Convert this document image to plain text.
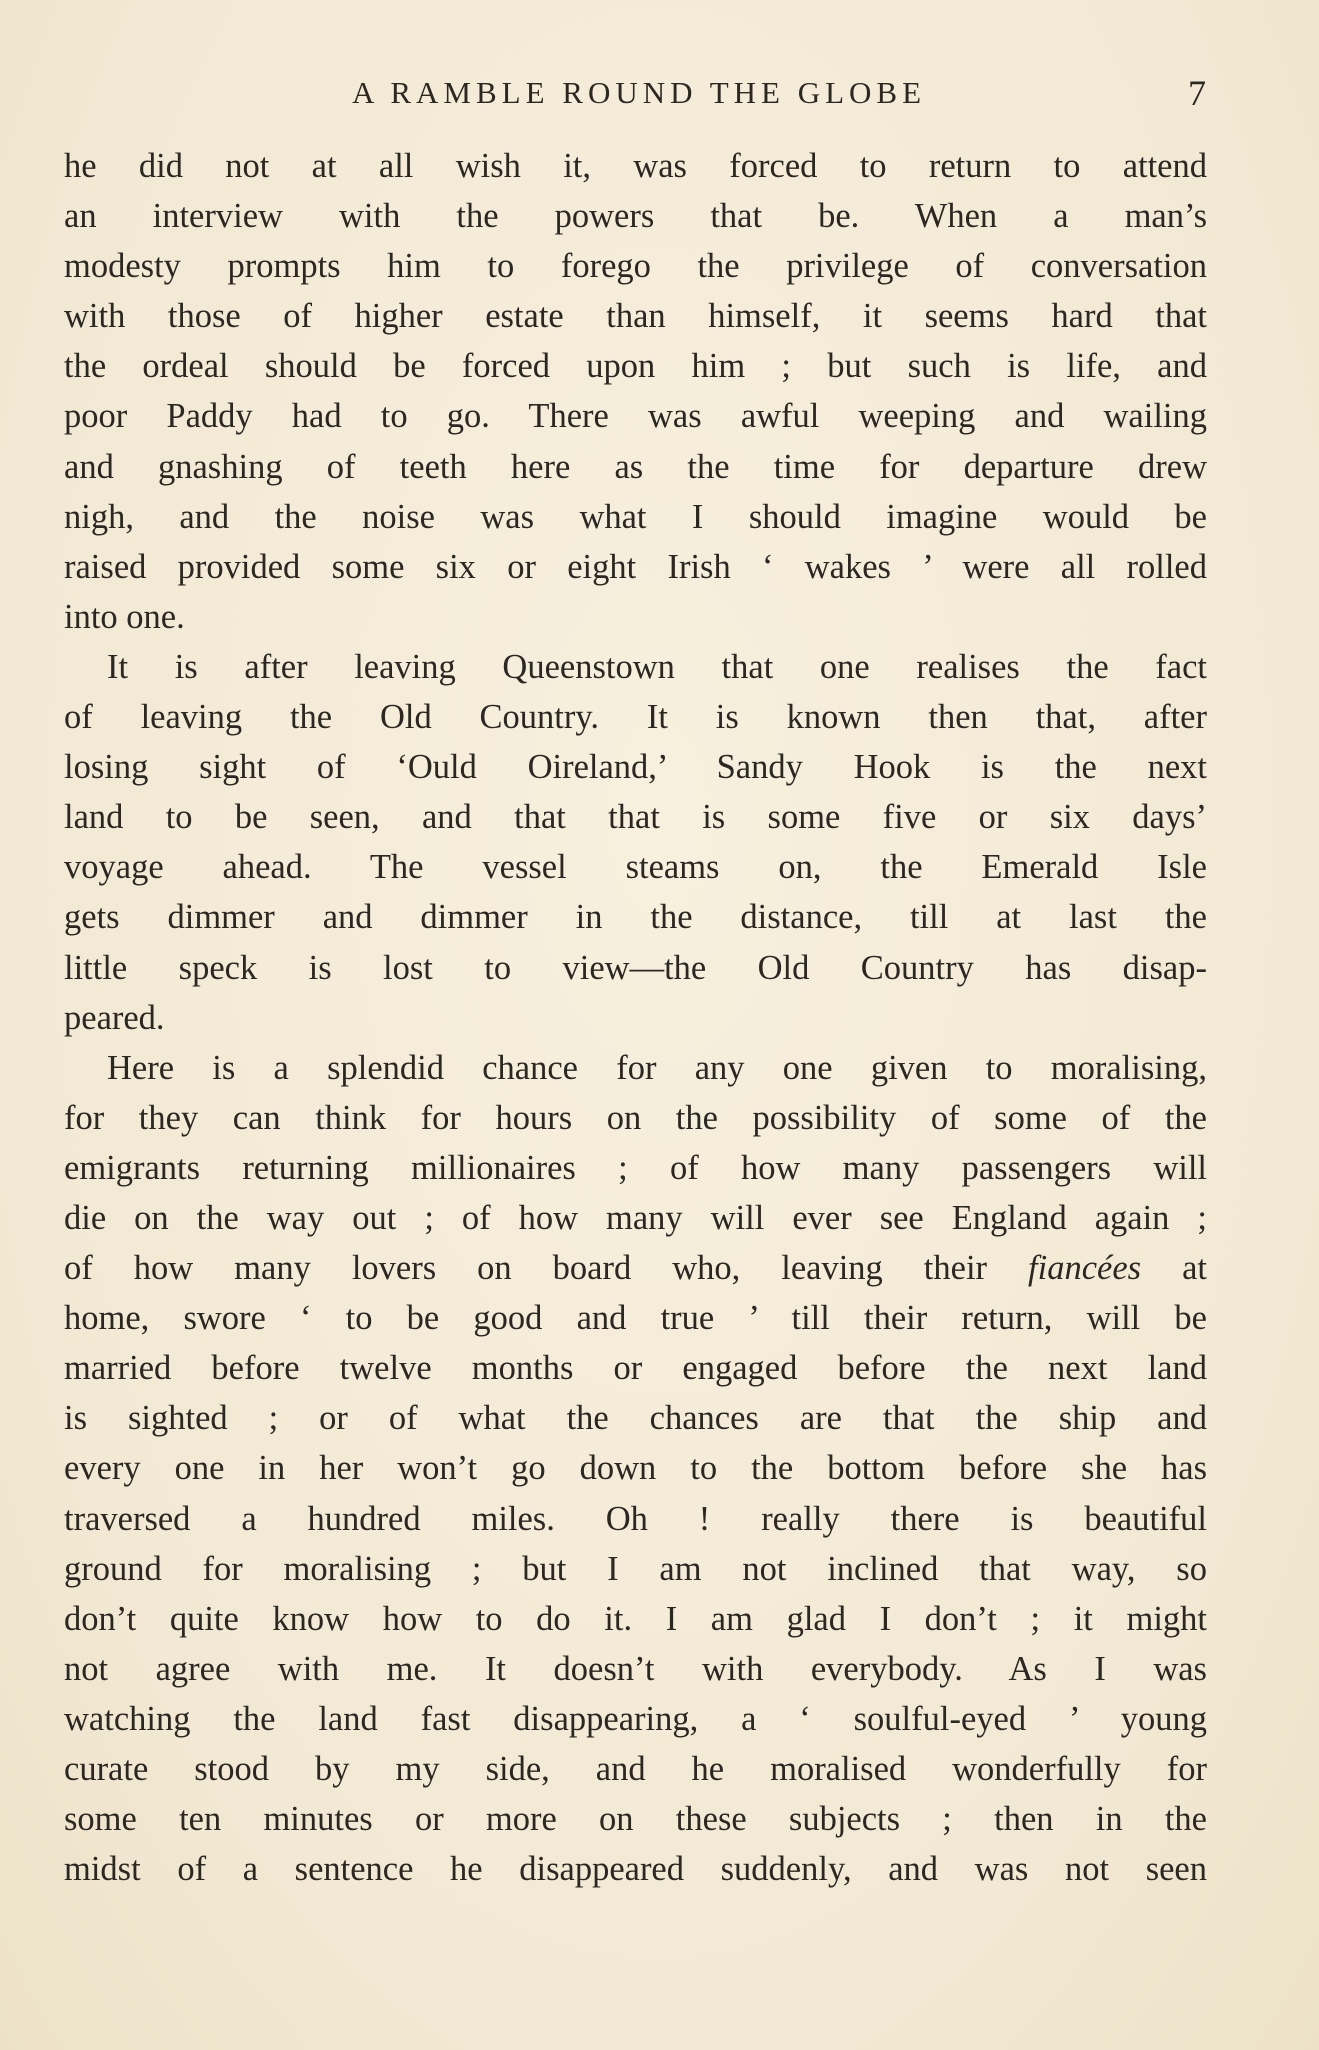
A RAMBLE ROUND THE GLOBE	7
he did not at all wish it, was forced to return to attend
an interview with the powers that be. When a man’s
modesty prompts him to forego the privilege of conversation
with those of higher estate than himself, it seems hard that
the ordeal should be forced upon him ; but such is life, and
poor Paddy had to go. There was awful weeping and wailing
and gnashing of teeth here as the time for departure drew
nigh, and the noise was what I should imagine would be
raised provided some six or eight Irish ‘ wakes ’ were all rolled
into one.
It is after leaving Queenstown that one realises the fact
of leaving the Old Country. It is known then that, after
losing sight of ‘Ould Oireland,’ Sandy Hook is the next
land to be seen, and that that is some five or six days’
voyage ahead. The vessel steams on, the Emerald Isle
gets dimmer and dimmer in the distance, till at last the
little speck is lost to view—the Old Country has disap-
peared.
Here is a splendid chance for any one given to moralising,
for they can think for hours on the possibility of some of the
emigrants returning millionaires ; of how many passengers will
die on the way out ; of how many will ever see England again ;
of how many lovers on board who, leaving their fiancées at
home, swore ‘ to be good and true ’ till their return, will be
married before twelve months or engaged before the next land
is sighted ; or of what the chances are that the ship and
every one in her won’t go down to the bottom before she has
traversed a hundred miles. Oh ! really there is beautiful
ground for moralising ; but I am not inclined that way, so
don’t quite know how to do it. I am glad I don’t ; it might
not agree with me. It doesn’t with everybody. As I was
watching the land fast disappearing, a ‘ soulful-eyed ’ young
curate stood by my side, and he moralised wonderfully for
some ten minutes or more on these subjects ; then in the
midst of a sentence he disappeared suddenly, and was not seen
